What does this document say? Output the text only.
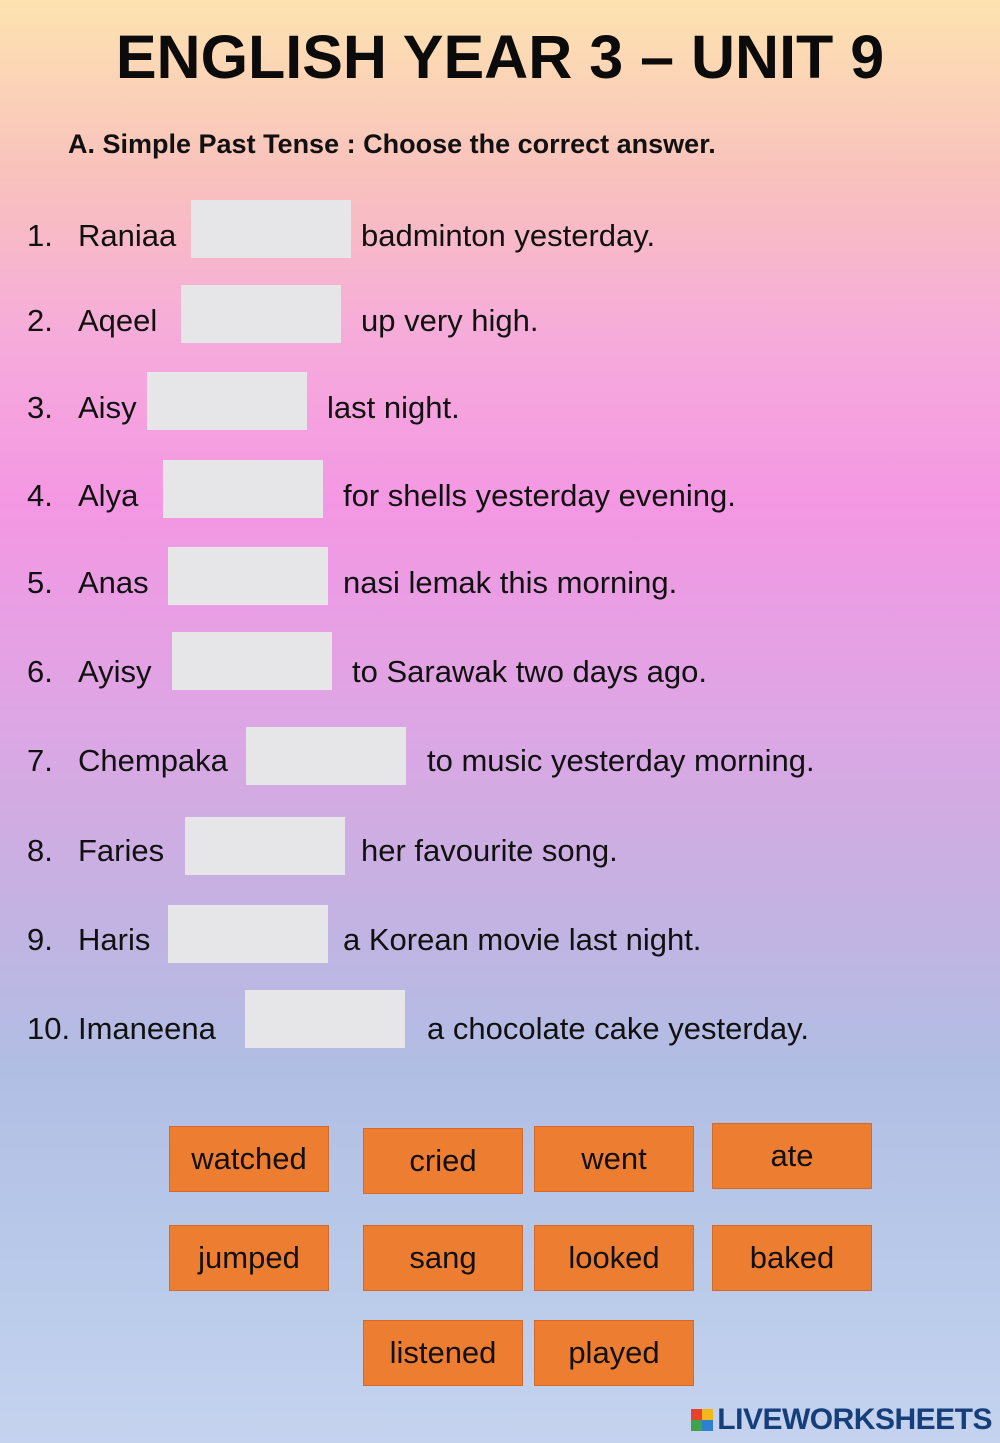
ENGLISH YEAR 3 – UNIT 9
A. Simple Past Tense : Choose the correct answer.
1. Raniaa	badminton yesterday.
2. Aqeel	up very high.
3. Aisy	last night.
4. Alya	for shells yesterday evening.
5. Anas	nasi lemak this morning.
6. Ayisy	to Sarawak two days ago.
7. Chempaka	to music yesterday morning.
8. Faries	her favourite song.
9. Haris	a Korean movie last night.
10. Imaneena	a chocolate cake yesterday.
watched	cried	went	ate
jumped	sang	looked	baked
listened	played
LIVEWORKSHEETS
